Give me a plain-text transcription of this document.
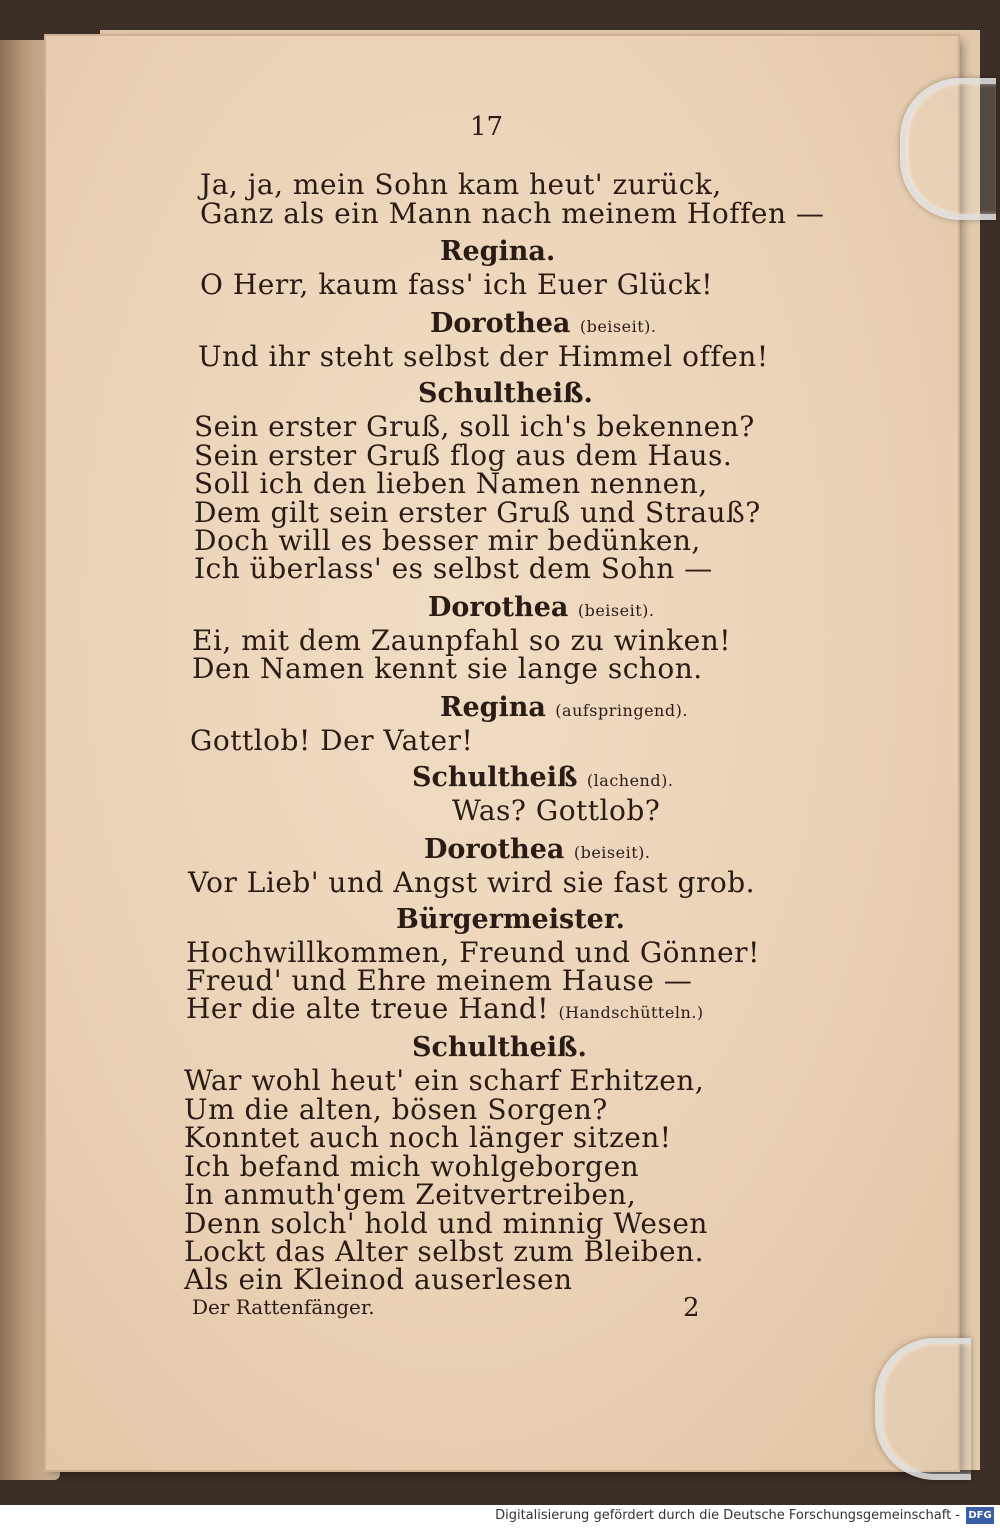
17
Ja, ja, mein Sohn kam heut' zurück,
Ganz als ein Mann nach meinem Hoffen —
Regina.
O Herr, kaum fass' ich Euer Glück!
Dorothea (beiseit).
Und ihr steht selbst der Himmel offen!
Schultheiß.
Sein erster Gruß, soll ich's bekennen?
Sein erster Gruß flog aus dem Haus.
Soll ich den lieben Namen nennen,
Dem gilt sein erster Gruß und Strauß?
Doch will es besser mir bedünken,
Ich überlass' es selbst dem Sohn —
Dorothea (beiseit).
Ei, mit dem Zaunpfahl so zu winken!
Den Namen kennt sie lange schon.
Regina (aufspringend).
Gottlob! Der Vater!
Schultheiß (lachend).
Was? Gottlob?
Dorothea (beiseit).
Vor Lieb' und Angst wird sie fast grob.
Bürgermeister.
Hochwillkommen, Freund und Gönner!
Freud' und Ehre meinem Hause —
Her die alte treue Hand! (Handschütteln.)
Schultheiß.
War wohl heut' ein scharf Erhitzen,
Um die alten, bösen Sorgen?
Konntet auch noch länger sitzen!
Ich befand mich wohlgeborgen
In anmuth'gem Zeitvertreiben,
Denn solch' hold und minnig Wesen
Lockt das Alter selbst zum Bleiben.
Als ein Kleinod auserlesen
Der Rattenfänger.	2
Digitalisierung gefördert durch die Deutsche Forschungsgemeinschaft - DFG
